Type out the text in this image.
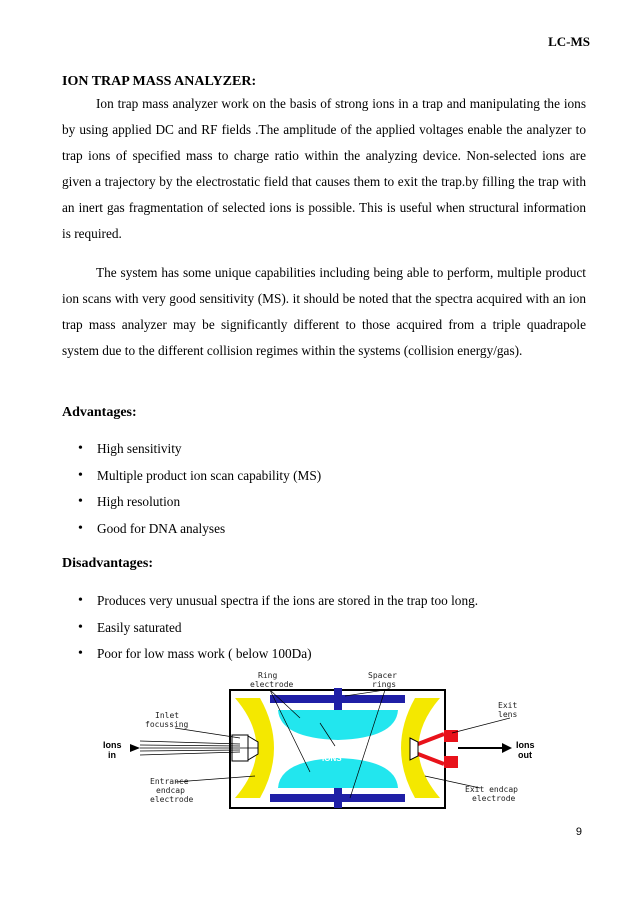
LC-MS
ION TRAP MASS ANALYZER:

Ion trap mass analyzer work on the basis of strong ions in a trap and manipulating the ions by using applied DC and RF fields .The amplitude of the applied voltages enable the analyzer to trap ions of specified mass to charge ratio within the analyzing device. Non-selected ions are given a trajectory by the electrostatic field that causes them to exit the trap.by filling the trap with an inert gas fragmentation of selected ions is possible. This is useful when structural information is required.

The system has some unique capabilities including being able to perform, multiple product ion scans with very good sensitivity (MS). it should be noted that the spectra acquired with an ion trap mass analyzer may be significantly different to those acquired from a triple quadrapole system due to the different collision regimes within the systems (collision energy/gas).

Advantages:
• High sensitivity
• Multiple product ion scan capability (MS)
• High resolution
• Good for DNA analyses
Disadvantages:
• Produces very unusual spectra if the ions are stored in the trap too long.
• Easily saturated
• Poor for low mass work ( below 100Da)
Ring
electrode
Spacer
rings
Inlet
focussing
Exit
lens
Ions
in
Ions
out
TRAPPED
IONS
Entrance
endcap
electrode
Exit endcap
electrode
9
